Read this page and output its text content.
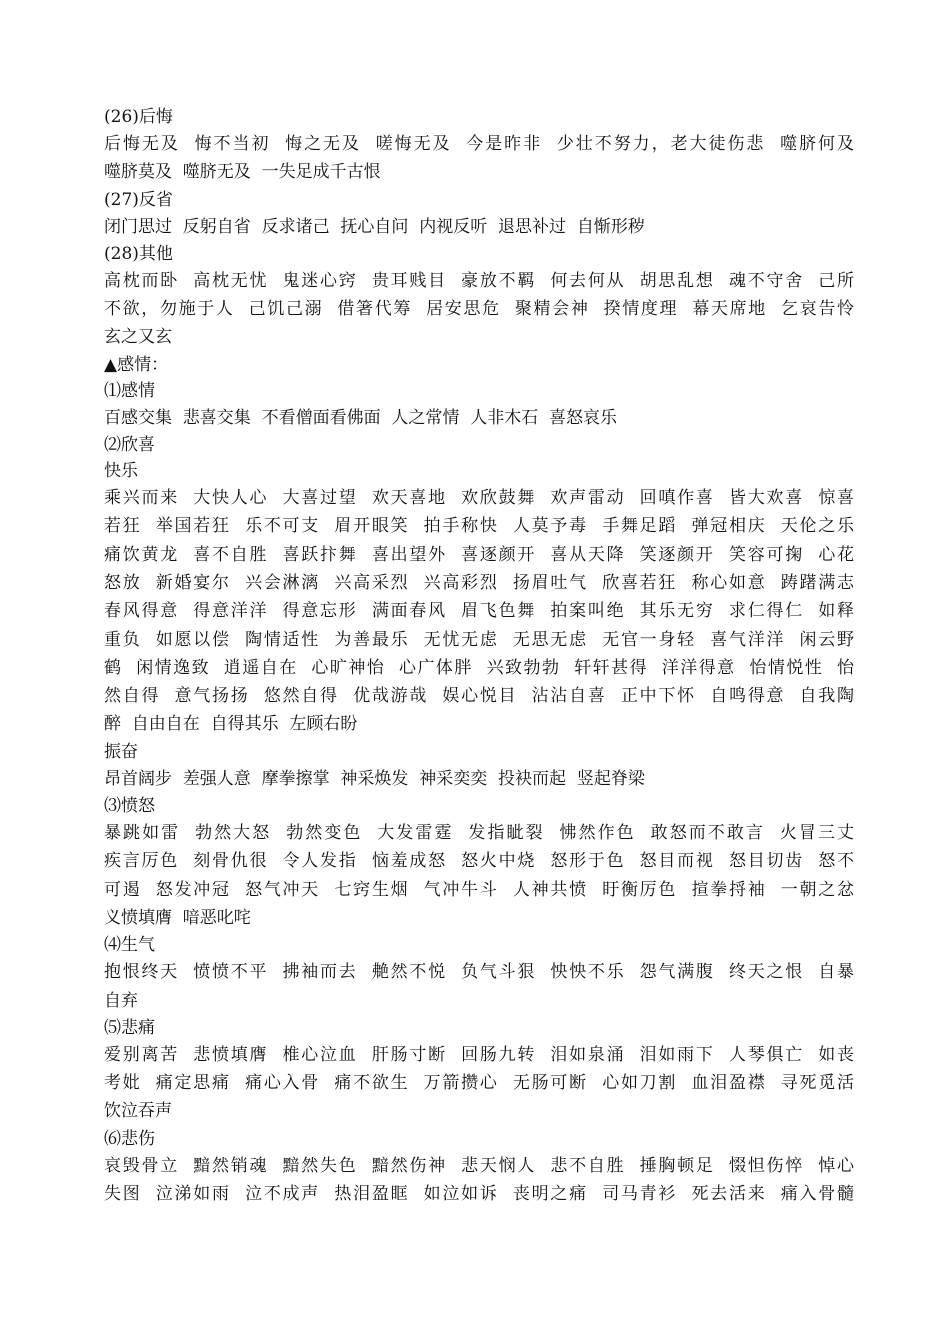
(26)后悔
后悔无及  悔不当初  悔之无及  嗟悔无及  今是昨非  少壮不努力，老大徒伤悲  噬脐何及
噬脐莫及  噬脐无及  一失足成千古恨
(27)反省
闭门思过  反躬自省  反求诸己  抚心自问  内视反听  退思补过  自惭形秽
(28)其他
高枕而卧  高枕无忧  鬼迷心窍  贵耳贱目  豪放不羁  何去何从  胡思乱想  魂不守舍  己所
不欲，勿施于人  己饥己溺  借箸代筹  居安思危  聚精会神  揆情度理  幕天席地  乞哀告怜
玄之又玄
▲感情：
⑴感情
百感交集  悲喜交集  不看僧面看佛面  人之常情  人非木石  喜怒哀乐
⑵欣喜
快乐
乘兴而来  大快人心  大喜过望  欢天喜地  欢欣鼓舞  欢声雷动  回嗔作喜  皆大欢喜  惊喜
若狂  举国若狂  乐不可支  眉开眼笑  拍手称快  人莫予毒  手舞足蹈  弹冠相庆  天伦之乐
痛饮黄龙  喜不自胜  喜跃抃舞  喜出望外  喜逐颜开  喜从天降  笑逐颜开  笑容可掬  心花
怒放  新婚宴尔  兴会淋漓  兴高采烈  兴高彩烈  扬眉吐气  欣喜若狂  称心如意  踌躇满志
春风得意  得意洋洋  得意忘形  满面春风  眉飞色舞  拍案叫绝  其乐无穷  求仁得仁  如释
重负  如愿以偿  陶情适性  为善最乐  无忧无虑  无思无虑  无官一身轻  喜气洋洋  闲云野
鹤  闲情逸致  逍遥自在  心旷神怡  心广体胖  兴致勃勃  轩轩甚得  洋洋得意  怡情悦性  怡
然自得  意气扬扬  悠然自得  优哉游哉  娱心悦目  沾沾自喜  正中下怀  自鸣得意  自我陶
醉  自由自在  自得其乐  左顾右盼
振奋
昂首阔步  差强人意  摩拳擦掌  神采焕发  神采奕奕  投袂而起  竖起脊梁
⑶愤怒
暴跳如雷  勃然大怒  勃然变色  大发雷霆  发指眦裂  怫然作色  敢怒而不敢言  火冒三丈
疾言厉色  刻骨仇很  令人发指  恼羞成怒  怒火中烧  怒形于色  怒目而视  怒目切齿  怒不
可遏  怒发冲冠  怒气冲天  七窍生烟  气冲牛斗  人神共愤  盱衡厉色  揎拳捋袖  一朝之忿
义愤填膺  喑恶叱咤
⑷生气
抱恨终天  愤愤不平  拂袖而去  艴然不悦  负气斗狠  怏怏不乐  怨气满腹  终天之恨  自暴
自弃
⑸悲痛
爱别离苦  悲愤填膺  椎心泣血  肝肠寸断  回肠九转  泪如泉涌  泪如雨下  人琴俱亡  如丧
考妣  痛定思痛  痛心入骨  痛不欲生  万箭攒心  无肠可断  心如刀割  血泪盈襟  寻死觅活
饮泣吞声
⑹悲伤
哀毁骨立  黯然销魂  黯然失色  黯然伤神  悲天悯人  悲不自胜  捶胸顿足  惙怛伤悴  悼心
失图  泣涕如雨  泣不成声  热泪盈眶  如泣如诉  丧明之痛  司马青衫  死去活来  痛入骨髓
